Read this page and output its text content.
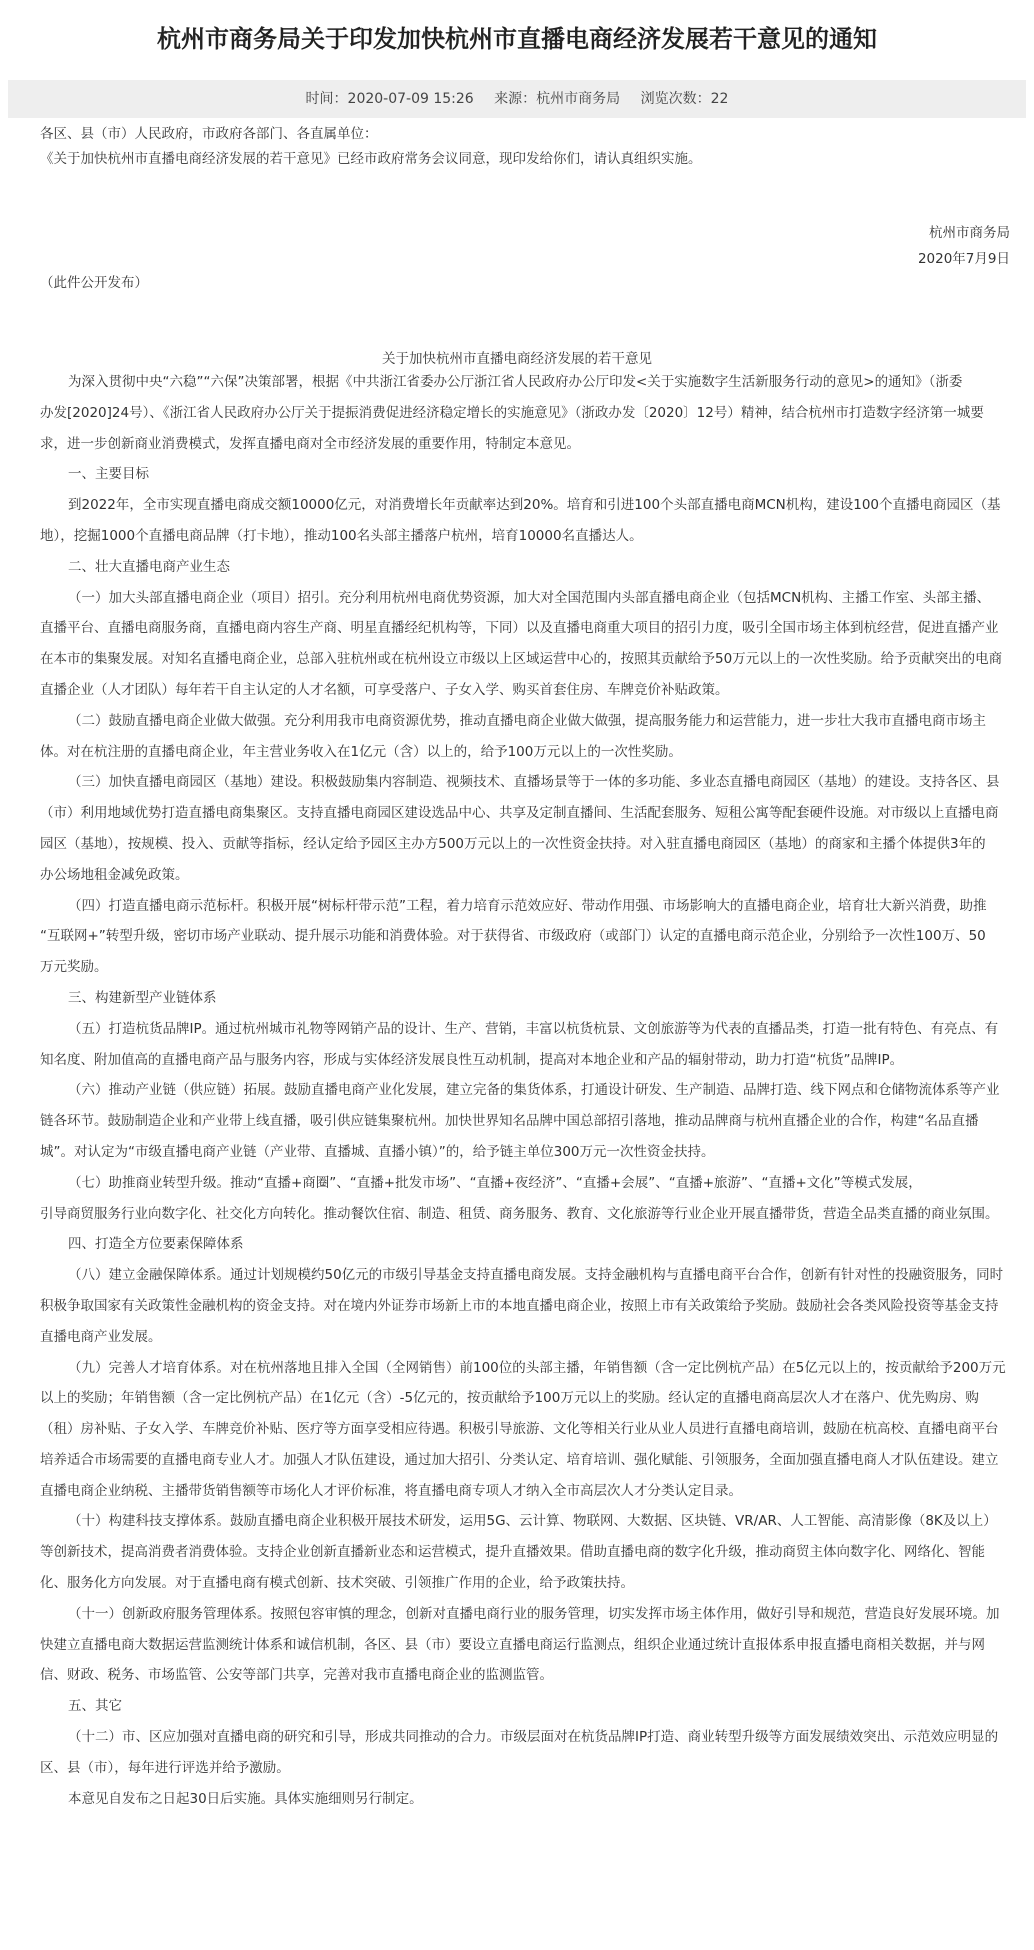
杭州市商务局关于印发加快杭州市直播电商经济发展若干意见的通知
时间：2020-07-09 15:26 来源：杭州市商务局 浏览次数：22
各区、县（市）人民政府，市政府各部门、各直属单位：
《关于加快杭州市直播电商经济发展的若干意见》已经市政府常务会议同意，现印发给你们，请认真组织实施。
杭州市商务局
2020年7月9日
（此件公开发布）
关于加快杭州市直播电商经济发展的若干意见

为深入贯彻中央“六稳”“六保”决策部署，根据《中共浙江省委办公厅浙江省人民政府办公厅印发<关于实施数字生活新服务行动的意见>的通知》（浙委

办发[2020]24号）、《浙江省人民政府办公厅关于提振消费促进经济稳定增长的实施意见》（浙政办发〔2020〕12号）精神，结合杭州市打造数字经济第一城要

求，进一步创新商业消费模式，发挥直播电商对全市经济发展的重要作用，特制定本意见。

一、主要目标

到2022年，全市实现直播电商成交额10000亿元，对消费增长年贡献率达到20%。培育和引进100个头部直播电商MCN机构，建设100个直播电商园区（基

地），挖掘1000个直播电商品牌（打卡地），推动100名头部主播落户杭州，培育10000名直播达人。

二、壮大直播电商产业生态

（一）加大头部直播电商企业（项目）招引。充分利用杭州电商优势资源，加大对全国范围内头部直播电商企业（包括MCN机构、主播工作室、头部主播、

直播平台、直播电商服务商，直播电商内容生产商、明星直播经纪机构等，下同）以及直播电商重大项目的招引力度，吸引全国市场主体到杭经营，促进直播产业

在本市的集聚发展。对知名直播电商企业，总部入驻杭州或在杭州设立市级以上区域运营中心的，按照其贡献给予50万元以上的一次性奖励。给予贡献突出的电商

直播企业（人才团队）每年若干自主认定的人才名额，可享受落户、子女入学、购买首套住房、车牌竞价补贴政策。

（二）鼓励直播电商企业做大做强。充分利用我市电商资源优势，推动直播电商企业做大做强，提高服务能力和运营能力，进一步壮大我市直播电商市场主

体。对在杭注册的直播电商企业，年主营业务收入在1亿元（含）以上的，给予100万元以上的一次性奖励。

（三）加快直播电商园区（基地）建设。积极鼓励集内容制造、视频技术、直播场景等于一体的多功能、多业态直播电商园区（基地）的建设。支持各区、县

（市）利用地域优势打造直播电商集聚区。支持直播电商园区建设选品中心、共享及定制直播间、生活配套服务、短租公寓等配套硬件设施。对市级以上直播电商

园区（基地），按规模、投入、贡献等指标，经认定给予园区主办方500万元以上的一次性资金扶持。对入驻直播电商园区（基地）的商家和主播个体提供3年的

办公场地租金减免政策。

（四）打造直播电商示范标杆。积极开展“树标杆带示范”工程，着力培育示范效应好、带动作用强、市场影响大的直播电商企业，培育壮大新兴消费，助推

“互联网+”转型升级，密切市场产业联动、提升展示功能和消费体验。对于获得省、市级政府（或部门）认定的直播电商示范企业，分别给予一次性100万、50

万元奖励。

三、构建新型产业链体系

（五）打造杭货品牌IP。通过杭州城市礼物等网销产品的设计、生产、营销，丰富以杭货杭景、文创旅游等为代表的直播品类，打造一批有特色、有亮点、有

知名度、附加值高的直播电商产品与服务内容，形成与实体经济发展良性互动机制，提高对本地企业和产品的辐射带动，助力打造“杭货”品牌IP。

（六）推动产业链（供应链）拓展。鼓励直播电商产业化发展，建立完备的集货体系，打通设计研发、生产制造、品牌打造、线下网点和仓储物流体系等产业

链各环节。鼓励制造企业和产业带上线直播，吸引供应链集聚杭州。加快世界知名品牌中国总部招引落地，推动品牌商与杭州直播企业的合作，构建“名品直播

城”。对认定为“市级直播电商产业链（产业带、直播城、直播小镇）”的，给予链主单位300万元一次性资金扶持。

（七）助推商业转型升级。推动“直播+商圈”、“直播+批发市场”、“直播+夜经济”、“直播+会展”、“直播+旅游”、“直播+文化”等模式发展，

引导商贸服务行业向数字化、社交化方向转化。推动餐饮住宿、制造、租赁、商务服务、教育、文化旅游等行业企业开展直播带货，营造全品类直播的商业氛围。

四、打造全方位要素保障体系

（八）建立金融保障体系。通过计划规模约50亿元的市级引导基金支持直播电商发展。支持金融机构与直播电商平台合作，创新有针对性的投融资服务，同时

积极争取国家有关政策性金融机构的资金支持。对在境内外证券市场新上市的本地直播电商企业，按照上市有关政策给予奖励。鼓励社会各类风险投资等基金支持

直播电商产业发展。

（九）完善人才培育体系。对在杭州落地且排入全国（全网销售）前100位的头部主播，年销售额（含一定比例杭产品）在5亿元以上的，按贡献给予200万元

以上的奖励；年销售额（含一定比例杭产品）在1亿元（含）-5亿元的，按贡献给予100万元以上的奖励。经认定的直播电商高层次人才在落户、优先购房、购

（租）房补贴、子女入学、车牌竞价补贴、医疗等方面享受相应待遇。积极引导旅游、文化等相关行业从业人员进行直播电商培训，鼓励在杭高校、直播电商平台

培养适合市场需要的直播电商专业人才。加强人才队伍建设，通过加大招引、分类认定、培育培训、强化赋能、引领服务，全面加强直播电商人才队伍建设。建立

直播电商企业纳税、主播带货销售额等市场化人才评价标准，将直播电商专项人才纳入全市高层次人才分类认定目录。

（十）构建科技支撑体系。鼓励直播电商企业积极开展技术研发，运用5G、云计算、物联网、大数据、区块链、VR/AR、人工智能、高清影像（8K及以上）

等创新技术，提高消费者消费体验。支持企业创新直播新业态和运营模式，提升直播效果。借助直播电商的数字化升级，推动商贸主体向数字化、网络化、智能

化、服务化方向发展。对于直播电商有模式创新、技术突破、引领推广作用的企业，给予政策扶持。

（十一）创新政府服务管理体系。按照包容审慎的理念，创新对直播电商行业的服务管理，切实发挥市场主体作用，做好引导和规范，营造良好发展环境。加

快建立直播电商大数据运营监测统计体系和诚信机制，各区、县（市）要设立直播电商运行监测点，组织企业通过统计直报体系申报直播电商相关数据，并与网

信、财政、税务、市场监管、公安等部门共享，完善对我市直播电商企业的监测监管。

五、其它

（十二）市、区应加强对直播电商的研究和引导，形成共同推动的合力。市级层面对在杭货品牌IP打造、商业转型升级等方面发展绩效突出、示范效应明显的

区、县（市），每年进行评选并给予激励。

本意见自发布之日起30日后实施。具体实施细则另行制定。
